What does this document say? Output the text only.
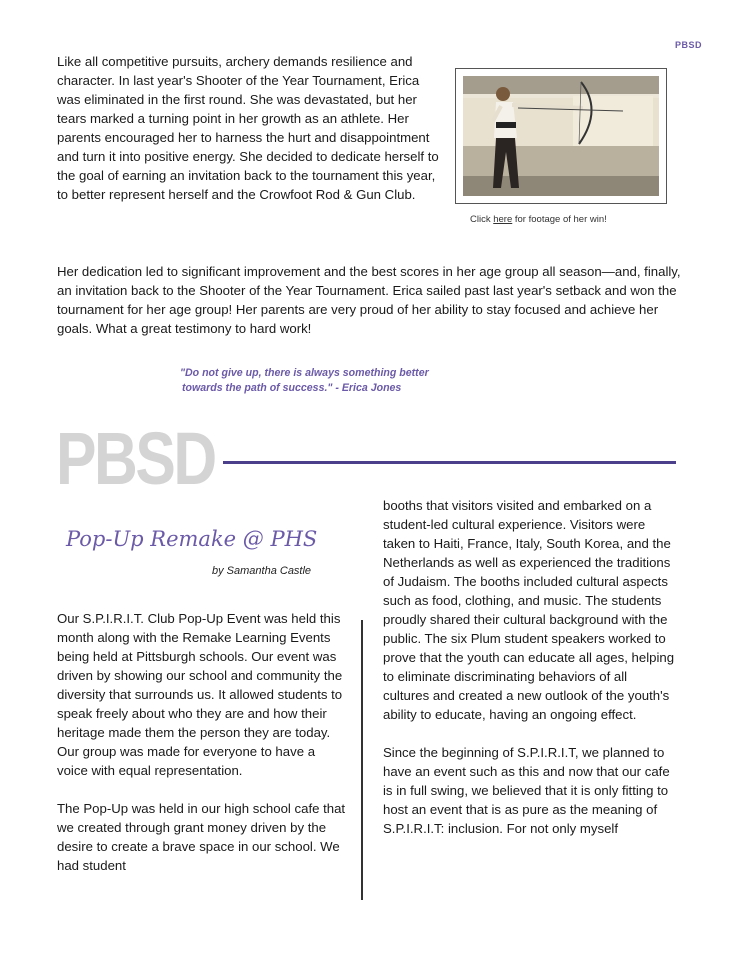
PBSD

Like all competitive pursuits, archery demands resilience and character. In last year's Shooter of the Year Tournament, Erica was eliminated in the first round. She was devastated, but her tears marked a turning point in her growth as an athlete. Her parents encouraged her to harness the hurt and disappointment and turn it into positive energy. She decided to dedicate herself to the goal of earning an invitation back to the tournament this year, to better represent herself and the Crowfoot Rod & Gun Club.

Click here for footage of her win!

Her dedication led to significant improvement and the best scores in her age group all season—and, finally, an invitation back to the Shooter of the Year Tournament. Erica sailed past last year's setback and won the tournament for her age group! Her parents are very proud of her ability to stay focused and achieve her goals. What a great testimony to hard work!

"Do not give up, there is always something better
towards the path of success." - Erica Jones
PBSD
Pop-Up Remake @ PHS
by Samantha Castle

Our S.P.I.R.I.T. Club Pop-Up Event was held this month along with the Remake Learning Events being held at Pittsburgh schools. Our event was driven by showing our school and community the diversity that surrounds us. It allowed students to speak freely about who they are and how their heritage made them the person they are today. Our group was made for everyone to have a voice with equal representation.

The Pop-Up was held in our high school cafe that we created through grant money driven by the desire to create a brave space in our school. We had student

booths that visitors visited and embarked on a student-led cultural experience. Visitors were taken to Haiti, France, Italy, South Korea, and the Netherlands as well as experienced the traditions of Judaism. The booths included cultural aspects such as food, clothing, and music. The students proudly shared their cultural background with the public. The six Plum student speakers worked to prove that the youth can educate all ages, helping to eliminate discriminating behaviors of all cultures and created a new outlook of the youth's ability to educate, having an ongoing effect.

Since the beginning of S.P.I.R.I.T, we planned to have an event such as this and now that our cafe is in full swing, we believed that it is only fitting to host an event that is as pure as the meaning of S.P.I.R.I.T: inclusion. For not only myself
